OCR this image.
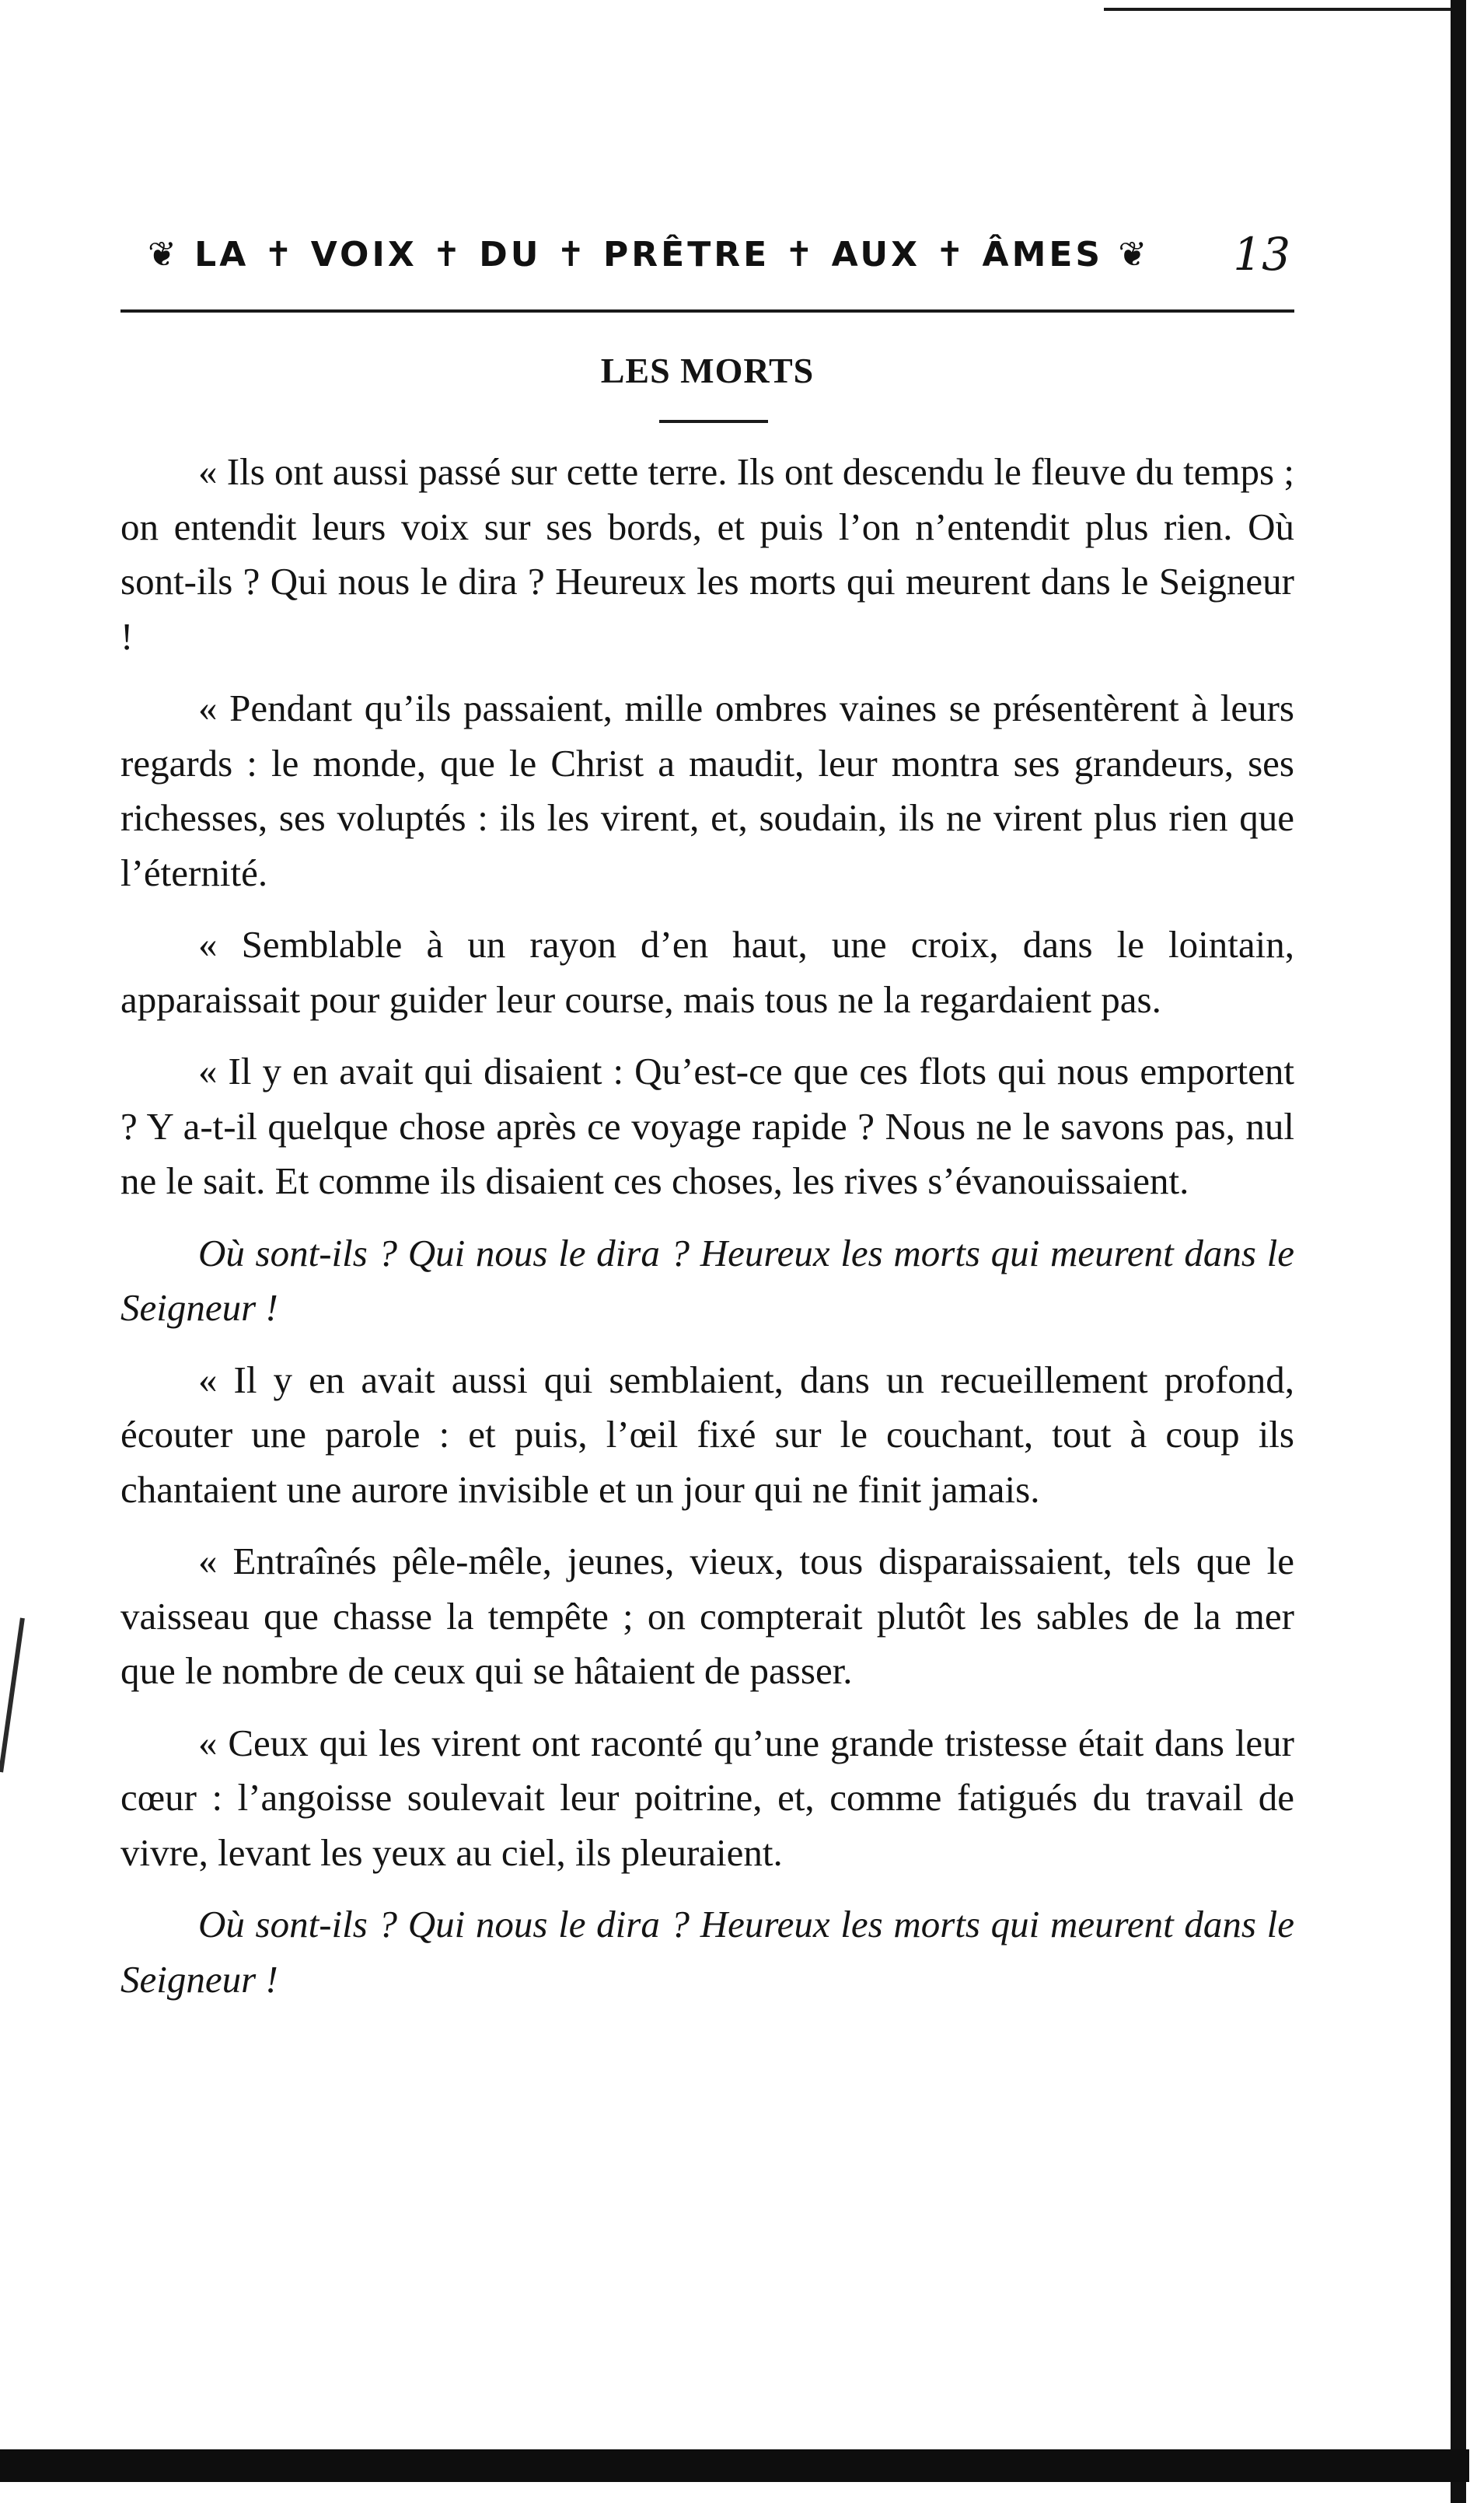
❦ LA ✝ VOIX ✝ DU ✝ PRÊTRE ✝ AUX ✝ ÂMES ❦ 13
LES MORTS

« Ils ont aussi passé sur cette terre. Ils ont descendu le fleuve du temps ; on entendit leurs voix sur ses bords, et puis l’on n’entendit plus rien. Où sont-ils ? Qui nous le dira ? Heureux les morts qui meurent dans le Seigneur !

« Pendant qu’ils passaient, mille ombres vaines se présentèrent à leurs regards : le monde, que le Christ a maudit, leur montra ses grandeurs, ses richesses, ses voluptés : ils les virent, et, soudain, ils ne virent plus rien que l’éternité.

« Semblable à un rayon d’en haut, une croix, dans le lointain, apparaissait pour guider leur course, mais tous ne la regardaient pas.

« Il y en avait qui disaient : Qu’est-ce que ces flots qui nous emportent ? Y a-t-il quelque chose après ce voyage rapide ? Nous ne le savons pas, nul ne le sait. Et comme ils disaient ces choses, les rives s’évanouissaient.

Où sont-ils ? Qui nous le dira ? Heureux les morts qui meurent dans le Seigneur !

« Il y en avait aussi qui semblaient, dans un recueillement profond, écouter une parole : et puis, l’œil fixé sur le couchant, tout à coup ils chantaient une aurore invisible et un jour qui ne finit jamais.

« Entraînés pêle-mêle, jeunes, vieux, tous disparaissaient, tels que le vaisseau que chasse la tempête ; on compterait plutôt les sables de la mer que le nombre de ceux qui se hâtaient de passer.

« Ceux qui les virent ont raconté qu’une grande tristesse était dans leur cœur : l’angoisse soulevait leur poitrine, et, comme fatigués du travail de vivre, levant les yeux au ciel, ils pleuraient.

Où sont-ils ? Qui nous le dira ? Heureux les morts qui meurent dans le Seigneur !
